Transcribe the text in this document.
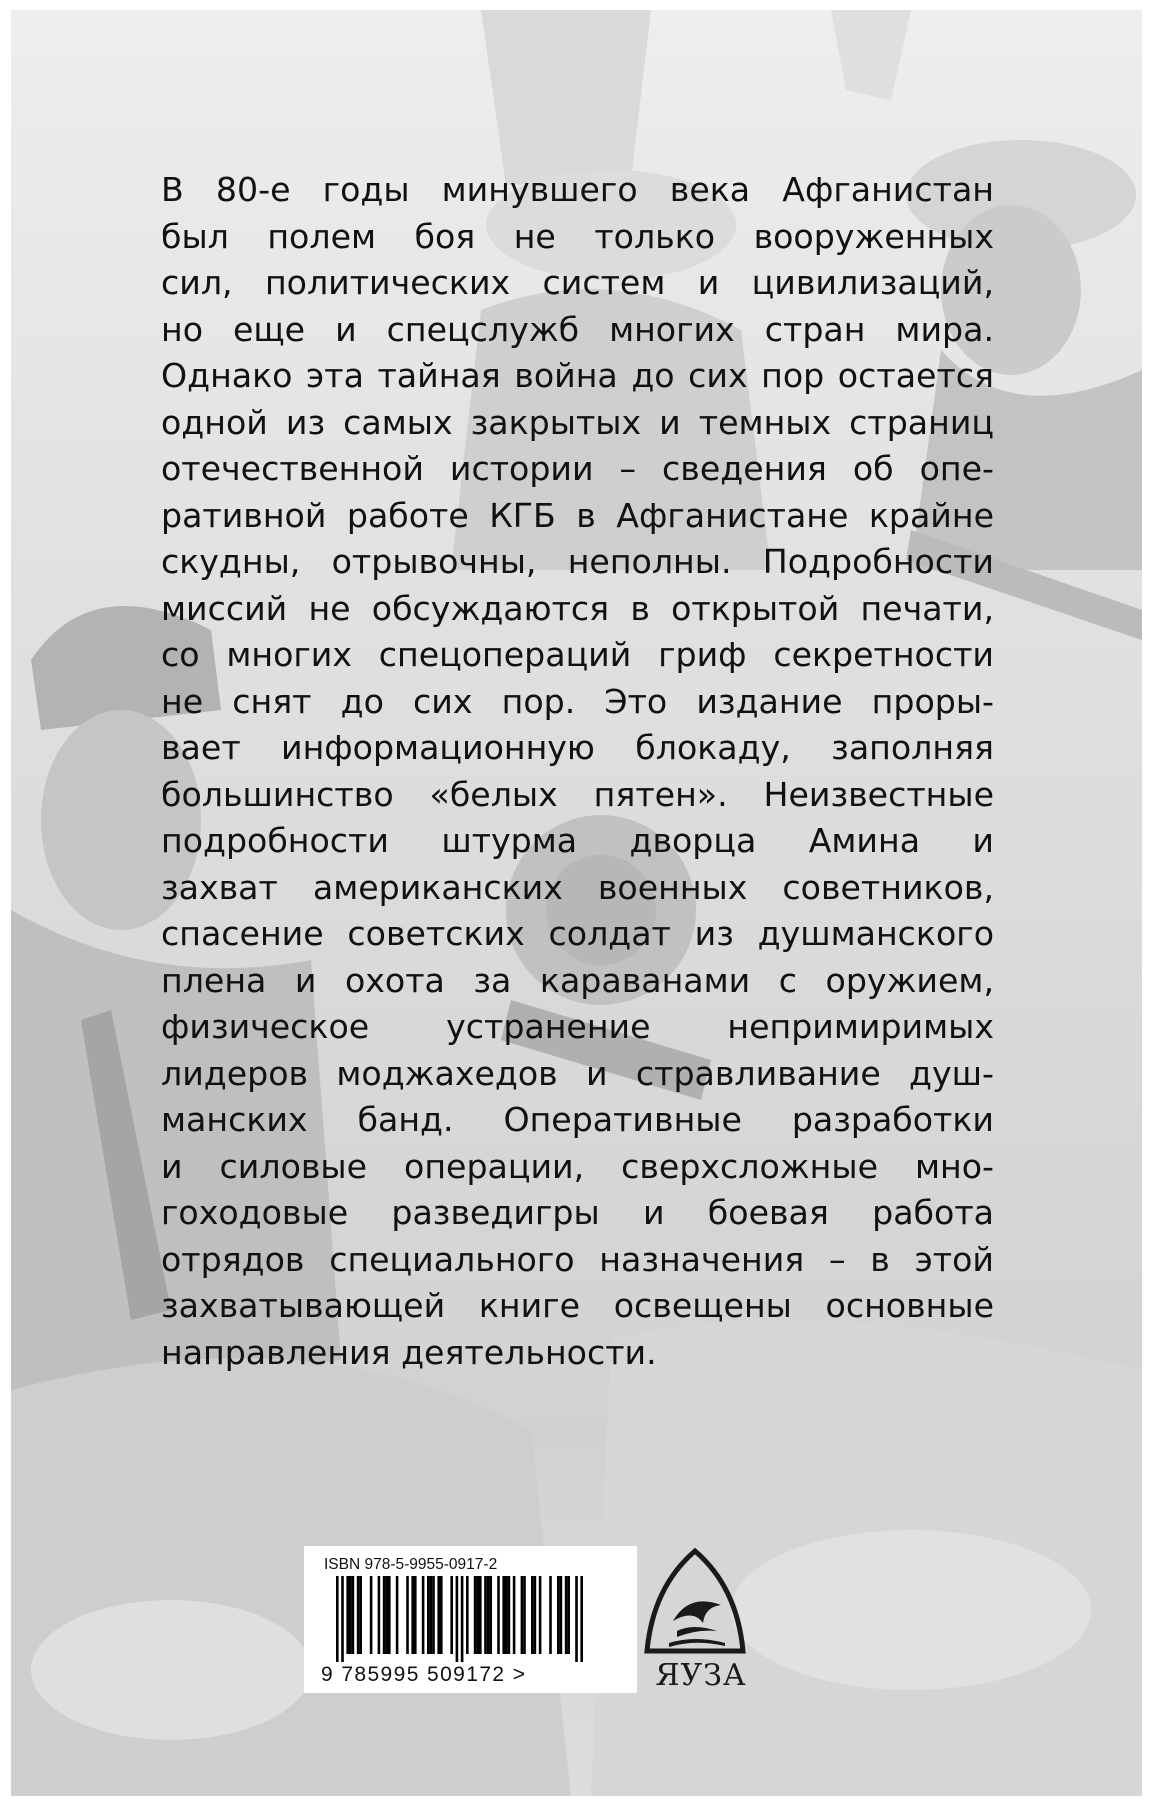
В 80-е годы минувшего века Афганистан
был полем боя не только вооруженных
сил, политических систем и цивилизаций,
но еще и спецслужб многих стран мира.
Однако эта тайная война до сих пор остается
одной из самых закрытых и темных страниц
отечественной истории – сведения об опе-
ративной работе КГБ в Афганистане крайне
скудны, отрывочны, неполны. Подробности
миссий не обсуждаются в открытой печати,
со многих спецопераций гриф секретности
не снят до сих пор. Это издание проры-
вает информационную блокаду, заполняя
большинство «белых пятен». Неизвестные
подробности штурма дворца Амина и
захват американских военных советников,
спасение советских солдат из душманского
плена и охота за караванами с оружием,
физическое устранение непримиримых
лидеров моджахедов и стравливание душ-
манских банд. Оперативные разработки
и силовые операции, сверхсложные мно-
гоходовые разведигры и боевая работа
отрядов специального назначения – в этой
захватывающей книге освещены основные
направления деятельности.
ISBN 978-5-9955-0917-2
9 785995 509172 >	ЯУЗА
